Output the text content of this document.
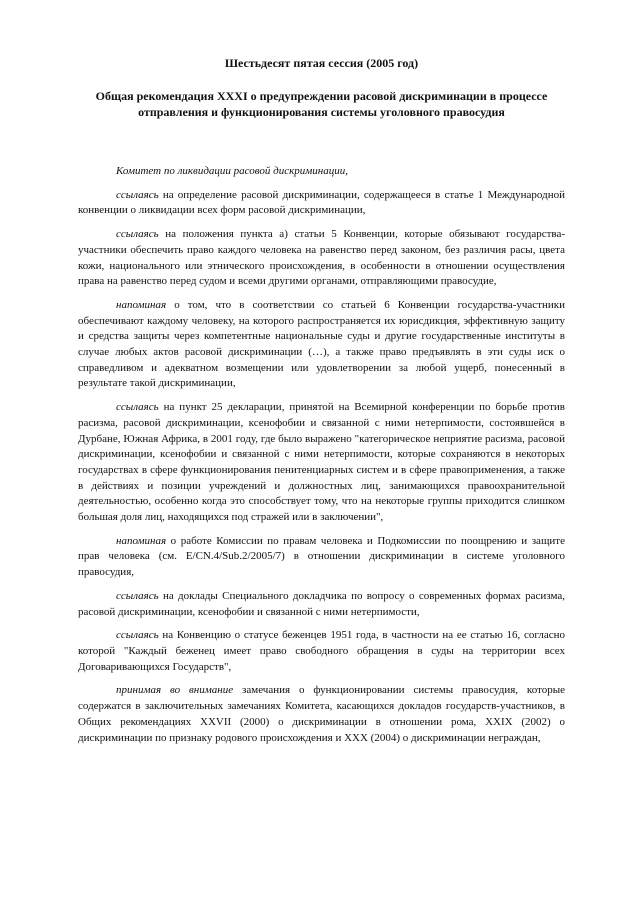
Шестьдесят пятая сессия (2005 год)
Общая рекомендация XXXI о предупреждении расовой дискриминации в процессе отправления и функционирования системы уголовного правосудия
Комитет по ликвидации расовой дискриминации,

ссылаясь на определение расовой дискриминации, содержащееся в статье 1 Международной конвенции о ликвидации всех форм расовой дискриминации,

ссылаясь на положения пункта а) статьи 5 Конвенции, которые обязывают государства-участники обеспечить право каждого человека на равенство перед законом, без различия расы, цвета кожи, национального или этнического происхождения, в особенности в отношении осуществления права на равенство перед судом и всеми другими органами, отправляющими правосудие,

напоминая о том, что в соответствии со статьей 6 Конвенции государства-участники обеспечивают каждому человеку, на которого распространяется их юрисдикция, эффективную защиту и средства защиты через компетентные национальные суды и другие государственные институты в случае любых актов расовой дискриминации (…), а также право предъявлять в эти суды иск о справедливом и адекватном возмещении или удовлетворении за любой ущерб, понесенный в результате такой дискриминации,

ссылаясь на пункт 25 декларации, принятой на Всемирной конференции по борьбе против расизма, расовой дискриминации, ксенофобии и связанной с ними нетерпимости, состоявшейся в Дурбане, Южная Африка, в 2001 году, где было выражено "категорическое неприятие расизма, расовой дискриминации, ксенофобии и связанной с ними нетерпимости, которые сохраняются в некоторых государствах в сфере функционирования пенитенциарных систем и в сфере правоприменения, а также в действиях и позиции учреждений и должностных лиц, занимающихся правоохранительной деятельностью, особенно когда это способствует тому, что на некоторые группы приходится слишком большая доля лиц, находящихся под стражей или в заключении",

напоминая о работе Комиссии по правам человека и Подкомиссии по поощрению и защите прав человека (см. E/CN.4/Sub.2/2005/7) в отношении дискриминации в системе уголовного правосудия,

ссылаясь на доклады Специального докладчика по вопросу о современных формах расизма, расовой дискриминации, ксенофобии и связанной с ними нетерпимости,

ссылаясь на Конвенцию о статусе беженцев 1951 года, в частности на ее статью 16, согласно которой "Каждый беженец имеет право свободного обращения в суды на территории всех Договаривающихся Государств",

принимая во внимание замечания о функционировании системы правосудия, которые содержатся в заключительных замечаниях Комитета, касающихся докладов государств-участников, в Общих рекомендациях XXVII (2000) о дискриминации в отношении рома, XXIX (2002) о дискриминации по признаку родового происхождения и XXX (2004) о дискриминации неграждан,
